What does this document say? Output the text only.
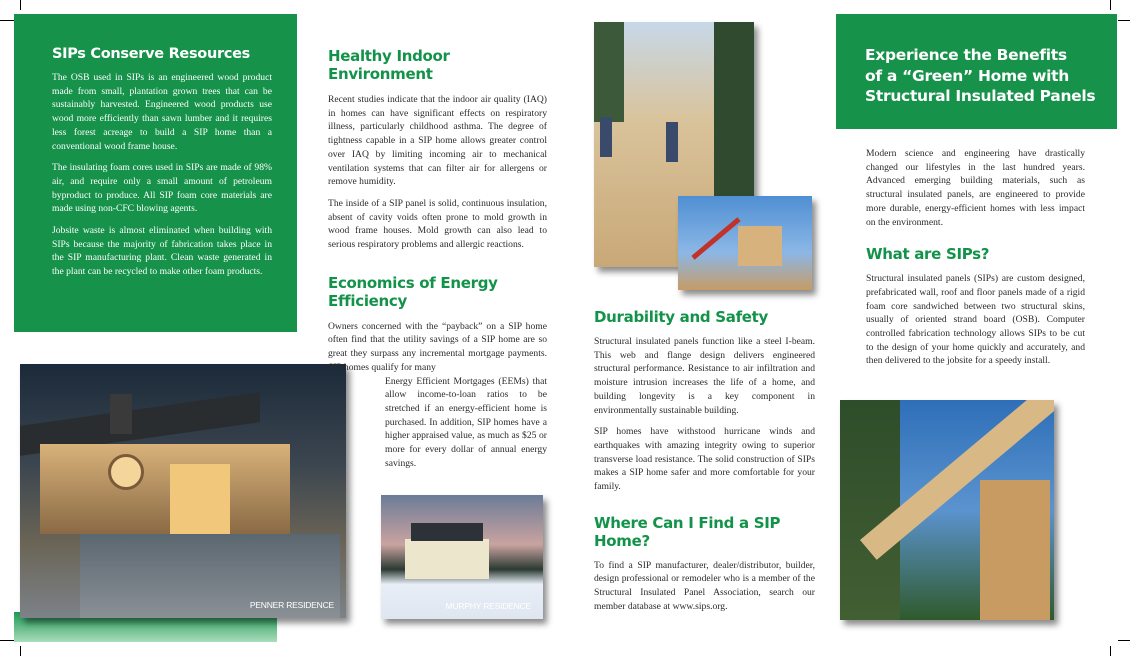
SIPs Conserve Resources

The OSB used in SIPs is an engineered wood product made from small, plantation grown trees that can be sustainably harvested. Engineered wood products use wood more efficiently than sawn lumber and it requires less forest acreage to build a SIP home than a conventional wood frame house.

The insulating foam cores used in SIPs are made of 98% air, and require only a small amount of petroleum byproduct to produce. All SIP foam core materials are made using non-CFC blowing agents.

Jobsite waste is almost eliminated when building with SIPs because the majority of fabrication takes place in the SIP manufacturing plant. Clean waste generated in the plant can be recycled to make other foam products.

PENNER RESIDENCE
Healthy Indoor Environment

Recent studies indicate that the indoor air quality (IAQ) in homes can have significant effects on respiratory illness, particularly childhood asthma. The degree of tightness capable in a SIP home allows greater control over IAQ by limiting incoming air to mechanical ventilation systems that can filter air for allergens or remove humidity.

The inside of a SIP panel is solid, continuous insulation, absent of cavity voids often prone to mold growth in wood frame houses. Mold growth can also lead to serious respiratory problems and allergic reactions.

Economics of Energy Efficiency

Owners concerned with the “payback” on a SIP home often find that the utility savings of a SIP home are so great they surpass any incremental mortgage payments. SIP homes qualify for many

Energy Efficient Mortgages (EEMs) that allow income-to-loan ratios to be stretched if an energy-efficient home is purchased. In addition, SIP homes have a higher appraised value, as much as $25 or more for every dollar of annual energy savings.

MURPHY RESIDENCE
Durability and Safety

Structural insulated panels function like a steel I-beam. This web and flange design delivers engineered structural performance. Resistance to air infiltration and moisture intrusion increases the life of a home, and building longevity is a key component in environmentally sustainable building.

SIP homes have withstood hurricane winds and earthquakes with amazing integrity owing to superior transverse load resistance. The solid construction of SIPs makes a SIP home safer and more comfortable for your family.

Where Can I Find a SIP Home?

To find a SIP manufacturer, dealer/distributor, builder, design professional or remodeler who is a member of the Structural Insulated Panel Association, search our member database at www.sips.org.

Experience the Benefits
of a “Green” Home with
Structural Insulated Panels

Modern science and engineering have drastically changed our lifestyles in the last hundred years. Advanced emerging building materials, such as structural insulated panels, are engineered to provide more durable, energy-efficient homes with less impact on the environment.

What are SIPs?

Structural insulated panels (SIPs) are custom designed, prefabricated wall, roof and floor panels made of a rigid foam core sandwiched between two structural skins, usually of oriented strand board (OSB). Computer controlled fabrication technology allows SIPs to be cut to the design of your home quickly and accurately, and then delivered to the jobsite for a speedy install.
